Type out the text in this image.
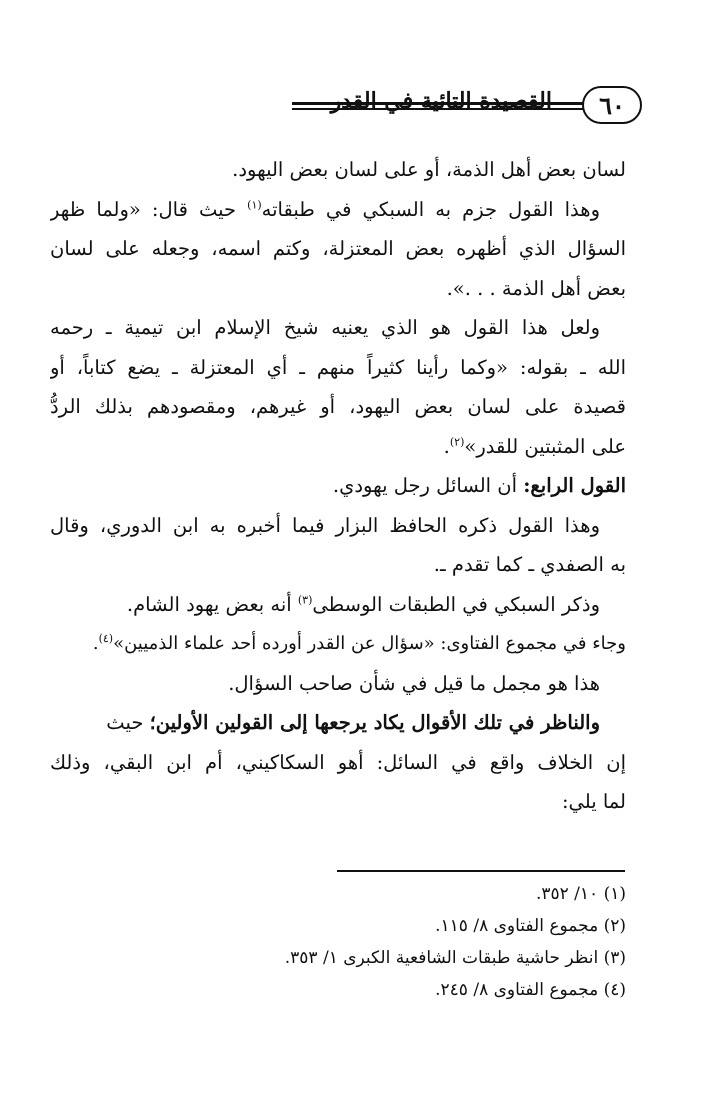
٦٠
القصيدة التائية في القدر
لسان بعض أهل الذمة، أو على لسان بعض اليهود.
وهذا القول جزم به السبكي في طبقاته$^{(١)}$ حيث قال: «ولما ظهر
السؤال الذي أظهره بعض المعتزلة، وكتم اسمه، وجعله على لسان
بعض أهل الذمة . . .».
ولعل هذا القول هو الذي يعنيه شيخ الإسلام ابن تيمية ـ رحمه
الله ـ بقوله: «وكما رأينا كثيراً منهم ـ أي المعتزلة ـ يضع كتاباً، أو
قصيدة على لسان بعض اليهود، أو غيرهم، ومقصودهم بذلك الردُّ
على المثبتين للقدر»$^{(٢)}$.
القول الرابع: أن السائل رجل يهودي.
وهذا القول ذكره الحافظ البزار فيما أخبره به ابن الدوري، وقال
به الصفدي ـ كما تقدم ـ.
وذكر السبكي في الطبقات الوسطى$^{(٣)}$ أنه بعض يهود الشام.
وجاء في مجموع الفتاوى: «سؤال عن القدر أورده أحد علماء الذميين»$^{(٤)}$.
هذا هو مجمل ما قيل في شأن صاحب السؤال.
والناظر في تلك الأقوال يكاد يرجعها إلى القولين الأولين؛ حيث
إن الخلاف واقع في السائل: أهو السكاكيني، أم ابن البقي، وذلك
لما يلي:
(١) ١٠/ ٣٥٢.
(٢) مجموع الفتاوى ٨/ ١١٥.
(٣) انظر حاشية طبقات الشافعية الكبرى ١/ ٣٥٣.
(٤) مجموع الفتاوى ٨/ ٢٤٥.
